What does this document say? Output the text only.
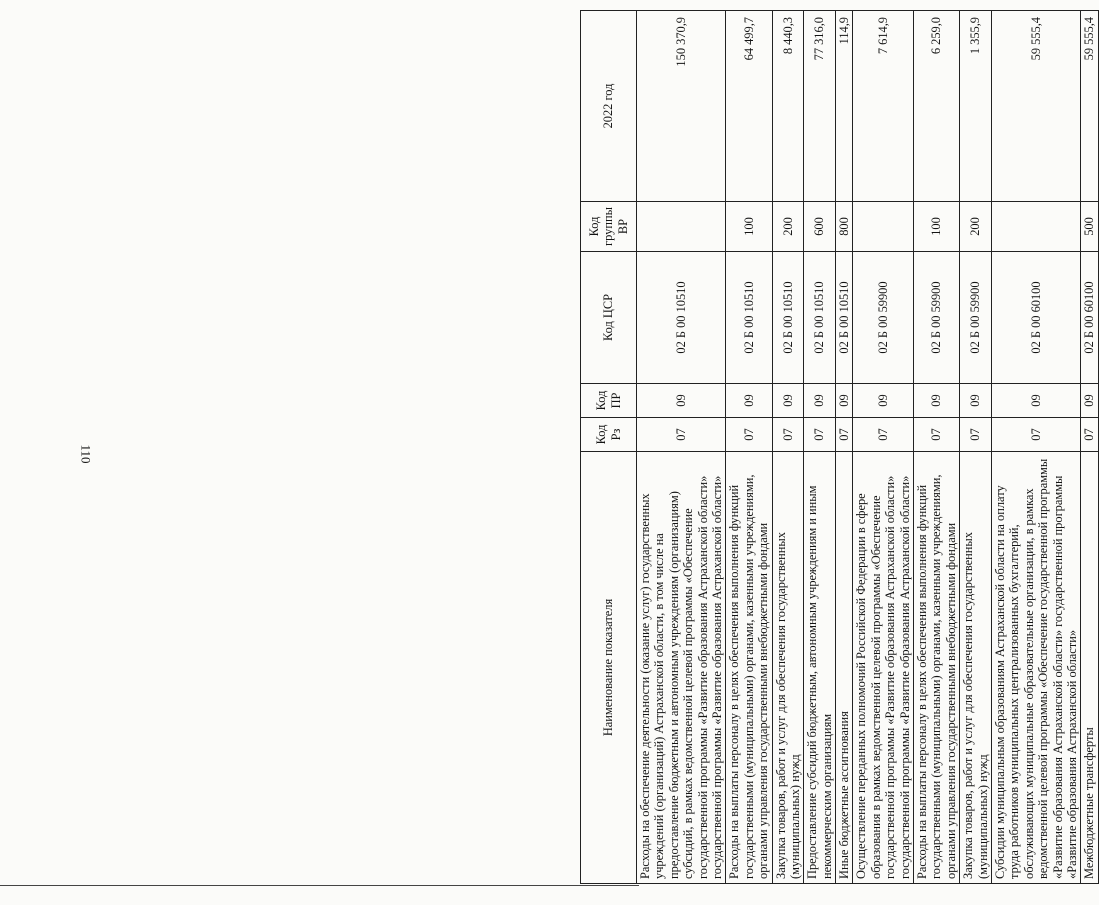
110
Наименование показателя	Код Рз	Код ПР	Код ЦСР	Код группы ВР	2022 год
Расходы на обеспечение деятельности (оказание услуг) государственных учреждений (организаций) Астраханской области, в том числе на предоставление бюджетным и автономным учреждениям (организациям) субсидий, в рамках ведомственной целевой программы «Обеспечение государственной программы «Развитие образования Астраханской области» государственной программы «Развитие образования Астраханской области»	07	09	02 Б 00 10510		150 370,9
Расходы на выплаты персоналу в целях обеспечения выполнения функций государственными (муниципальными) органами, казенными учреждениями, органами управления государственными внебюджетными фондами	07	09	02 Б 00 10510	100	64 499,7
Закупка товаров, работ и услуг для обеспечения государственных (муниципальных) нужд	07	09	02 Б 00 10510	200	8 440,3
Предоставление субсидий бюджетным, автономным учреждениям и иным некоммерческим организациям	07	09	02 Б 00 10510	600	77 316,0
Иные бюджетные ассигнования	07	09	02 Б 00 10510	800	114,9
Осуществление переданных полномочий Российской Федерации в сфере образования в рамках ведомственной целевой программы «Обеспечение государственной программы «Развитие образования Астраханской области» государственной программы «Развитие образования Астраханской области»	07	09	02 Б 00 59900		7 614,9
Расходы на выплаты персоналу в целях обеспечения выполнения функций государственными (муниципальными) органами, казенными учреждениями, органами управления государственными внебюджетными фондами	07	09	02 Б 00 59900	100	6 259,0
Закупка товаров, работ и услуг для обеспечения государственных (муниципальных) нужд	07	09	02 Б 00 59900	200	1 355,9
Субсидии муниципальным образованиям Астраханской области на оплату труда работников муниципальных централизованных бухгалтерий, обслуживающих муниципальные образовательные организации, в рамках ведомственной целевой программы «Обеспечение государственной программы «Развитие образования Астраханской области» государственной программы «Развитие образования Астраханской области»	07	09	02 Б 00 60100		59 555,4
Межбюджетные трансферты	07	09	02 Б 00 60100	500	59 555,4
